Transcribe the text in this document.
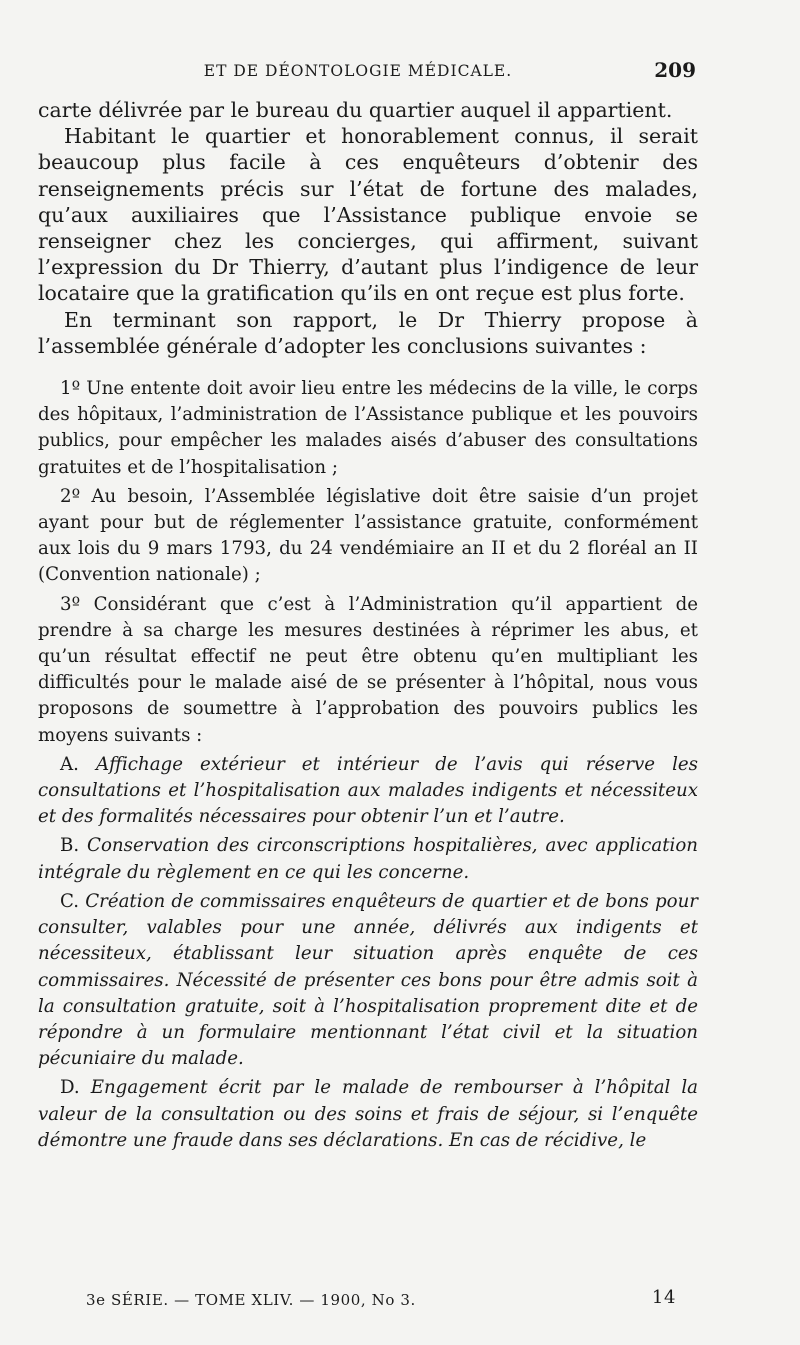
ET DE DÉONTOLOGIE MÉDICALE.	209

carte délivrée par le bureau du quartier auquel il appartient.

Habitant le quartier et honorablement connus, il serait beaucoup plus facile à ces enquêteurs d’obtenir des renseignements précis sur l’état de fortune des malades, qu’aux auxiliaires que l’Assistance publique envoie se renseigner chez les concierges, qui affirment, suivant l’expression du Dr Thierry, d’autant plus l’indigence de leur locataire que la gratification qu’ils en ont reçue est plus forte.

En terminant son rapport, le Dr Thierry propose à l’assemblée générale d’adopter les conclusions suivantes :

1º Une entente doit avoir lieu entre les médecins de la ville, le corps des hôpitaux, l’administration de l’Assistance publique et les pouvoirs publics, pour empêcher les malades aisés d’abuser des consultations gratuites et de l’hospitalisation ;

2º Au besoin, l’Assemblée législative doit être saisie d’un projet ayant pour but de réglementer l’assistance gratuite, conformément aux lois du 9 mars 1793, du 24 vendémiaire an II et du 2 floréal an II (Convention nationale) ;

3º Considérant que c’est à l’Administration qu’il appartient de prendre à sa charge les mesures destinées à réprimer les abus, et qu’un résultat effectif ne peut être obtenu qu’en multipliant les difficultés pour le malade aisé de se présenter à l’hôpital, nous vous proposons de soumettre à l’approbation des pouvoirs publics les moyens suivants :

A. Affichage extérieur et intérieur de l’avis qui réserve les consultations et l’hospitalisation aux malades indigents et nécessiteux et des formalités nécessaires pour obtenir l’un et l’autre.

B. Conservation des circonscriptions hospitalières, avec application intégrale du règlement en ce qui les concerne.

C. Création de commissaires enquêteurs de quartier et de bons pour consulter, valables pour une année, délivrés aux indigents et nécessiteux, établissant leur situation après enquête de ces commissaires. Nécessité de présenter ces bons pour être admis soit à la consultation gratuite, soit à l’hospitalisation proprement dite et de répondre à un formulaire mentionnant l’état civil et la situation pécuniaire du malade.

D. Engagement écrit par le malade de rembourser à l’hôpital la valeur de la consultation ou des soins et frais de séjour, si l’enquête démontre une fraude dans ses déclarations. En cas de récidive, le

3e SÉRIE. — TOME XLIV. — 1900, No 3.	14
